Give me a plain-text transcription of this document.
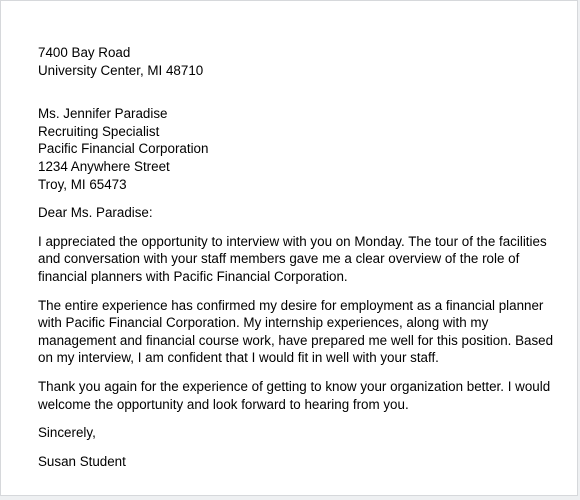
7400 Bay Road
University Center, MI 48710
Ms. Jennifer Paradise
Recruiting Specialist
Pacific Financial Corporation
1234 Anywhere Street
Troy, MI 65473
Dear Ms. Paradise:
I appreciated the opportunity to interview with you on Monday. The tour of the facilities
and conversation with your staff members gave me a clear overview of the role of
financial planners with Pacific Financial Corporation.
The entire experience has confirmed my desire for employment as a financial planner
with Pacific Financial Corporation. My internship experiences, along with my
management and financial course work, have prepared me well for this position. Based
on my interview, I am confident that I would fit in well with your staff.
Thank you again for the experience of getting to know your organization better. I would
welcome the opportunity and look forward to hearing from you.
Sincerely,
Susan Student
